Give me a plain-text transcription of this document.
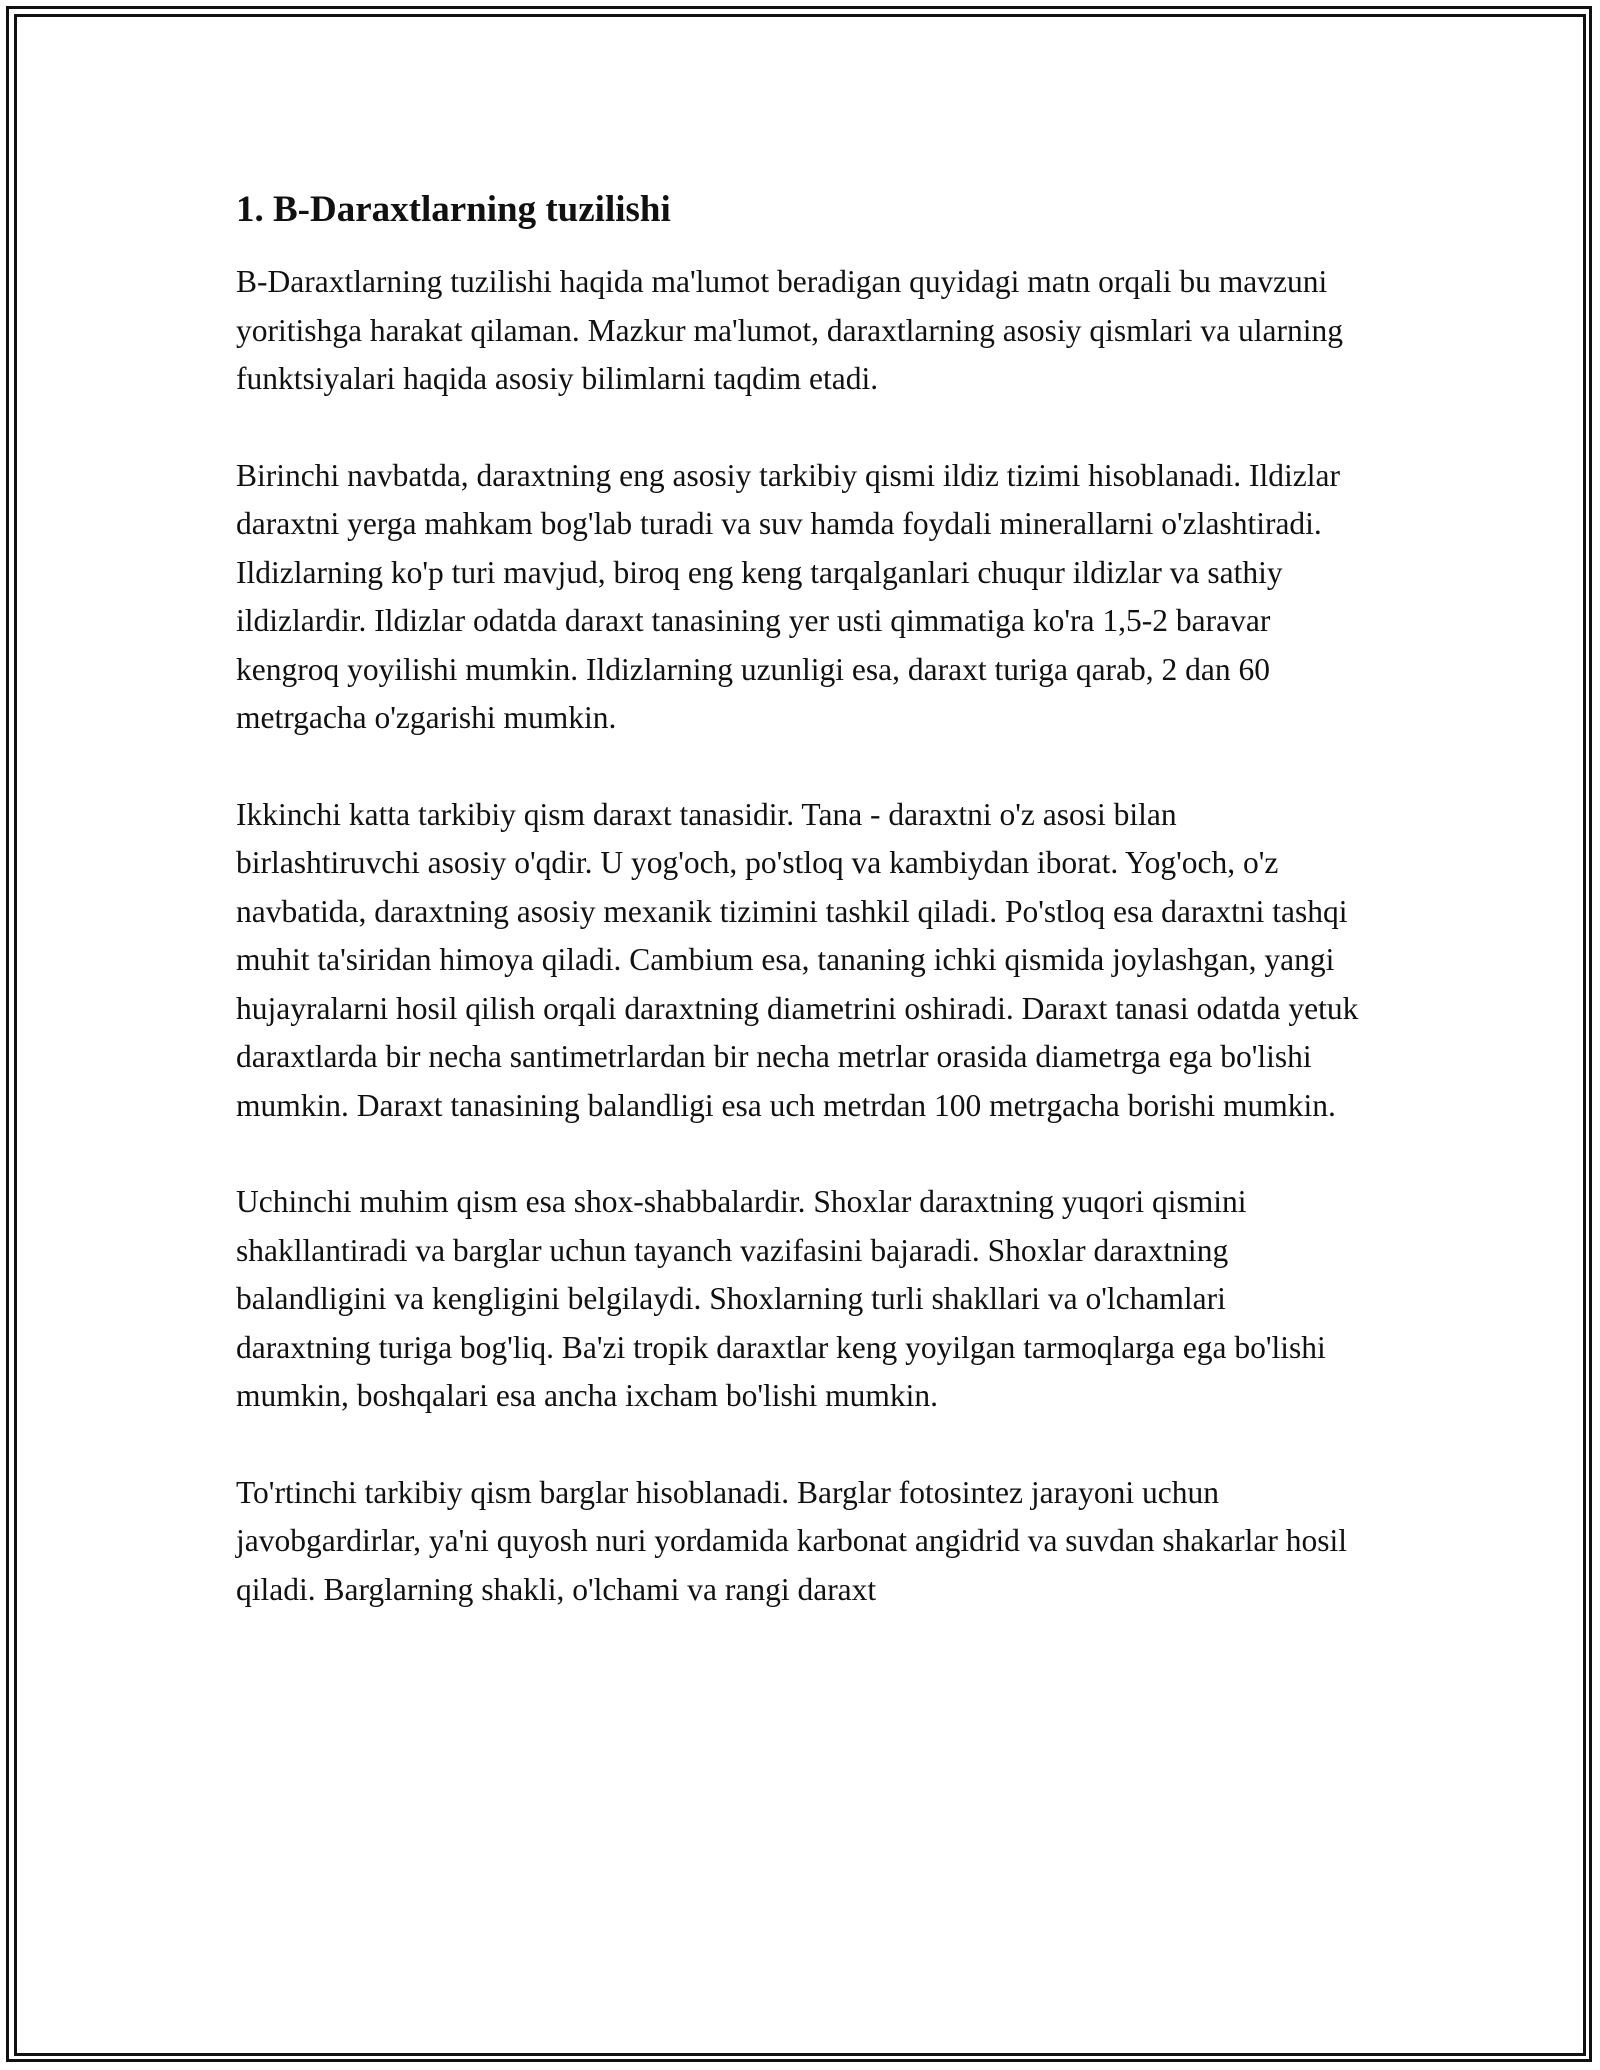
1. B-Daraxtlarning tuzilishi

B-Daraxtlarning tuzilishi haqida ma'lumot beradigan quyidagi matn orqali bu mavzuni yoritishga harakat qilaman. Mazkur ma'lumot, daraxtlarning asosiy qismlari va ularning funktsiyalari haqida asosiy bilimlarni taqdim etadi.

Birinchi navbatda, daraxtning eng asosiy tarkibiy qismi ildiz tizimi hisoblanadi. Ildizlar daraxtni yerga mahkam bog'lab turadi va suv hamda foydali minerallarni o'zlashtiradi. Ildizlarning ko'p turi mavjud, biroq eng keng tarqalganlari chuqur ildizlar va sathiy ildizlardir. Ildizlar odatda daraxt tanasining yer usti qimmatiga ko'ra 1,5-2 baravar kengroq yoyilishi mumkin. Ildizlarning uzunligi esa, daraxt turiga qarab, 2 dan 60 metrgacha o'zgarishi mumkin.

Ikkinchi katta tarkibiy qism daraxt tanasidir. Tana - daraxtni o'z asosi bilan birlashtiruvchi asosiy o'qdir. U yog'och, po'stloq va kambiydan iborat. Yog'och, o'z navbatida, daraxtning asosiy mexanik tizimini tashkil qiladi. Po'stloq esa daraxtni tashqi muhit ta'siridan himoya qiladi. Cambium esa, tananing ichki qismida joylashgan, yangi hujayralarni hosil qilish orqali daraxtning diametrini oshiradi. Daraxt tanasi odatda yetuk daraxtlarda bir necha santimetrlardan bir necha metrlar orasida diametrga ega bo'lishi mumkin. Daraxt tanasining balandligi esa uch metrdan 100 metrgacha borishi mumkin.

Uchinchi muhim qism esa shox-shabbalardir. Shoxlar daraxtning yuqori qismini shakllantiradi va barglar uchun tayanch vazifasini bajaradi. Shoxlar daraxtning balandligini va kengligini belgilaydi. Shoxlarning turli shakllari va o'lchamlari daraxtning turiga bog'liq. Ba'zi tropik daraxtlar keng yoyilgan tarmoqlarga ega bo'lishi mumkin, boshqalari esa ancha ixcham bo'lishi mumkin.

To'rtinchi tarkibiy qism barglar hisoblanadi. Barglar fotosintez jarayoni uchun javobgardirlar, ya'ni quyosh nuri yordamida karbonat angidrid va suvdan shakarlar hosil qiladi. Barglarning shakli, o'lchami va rangi daraxt
